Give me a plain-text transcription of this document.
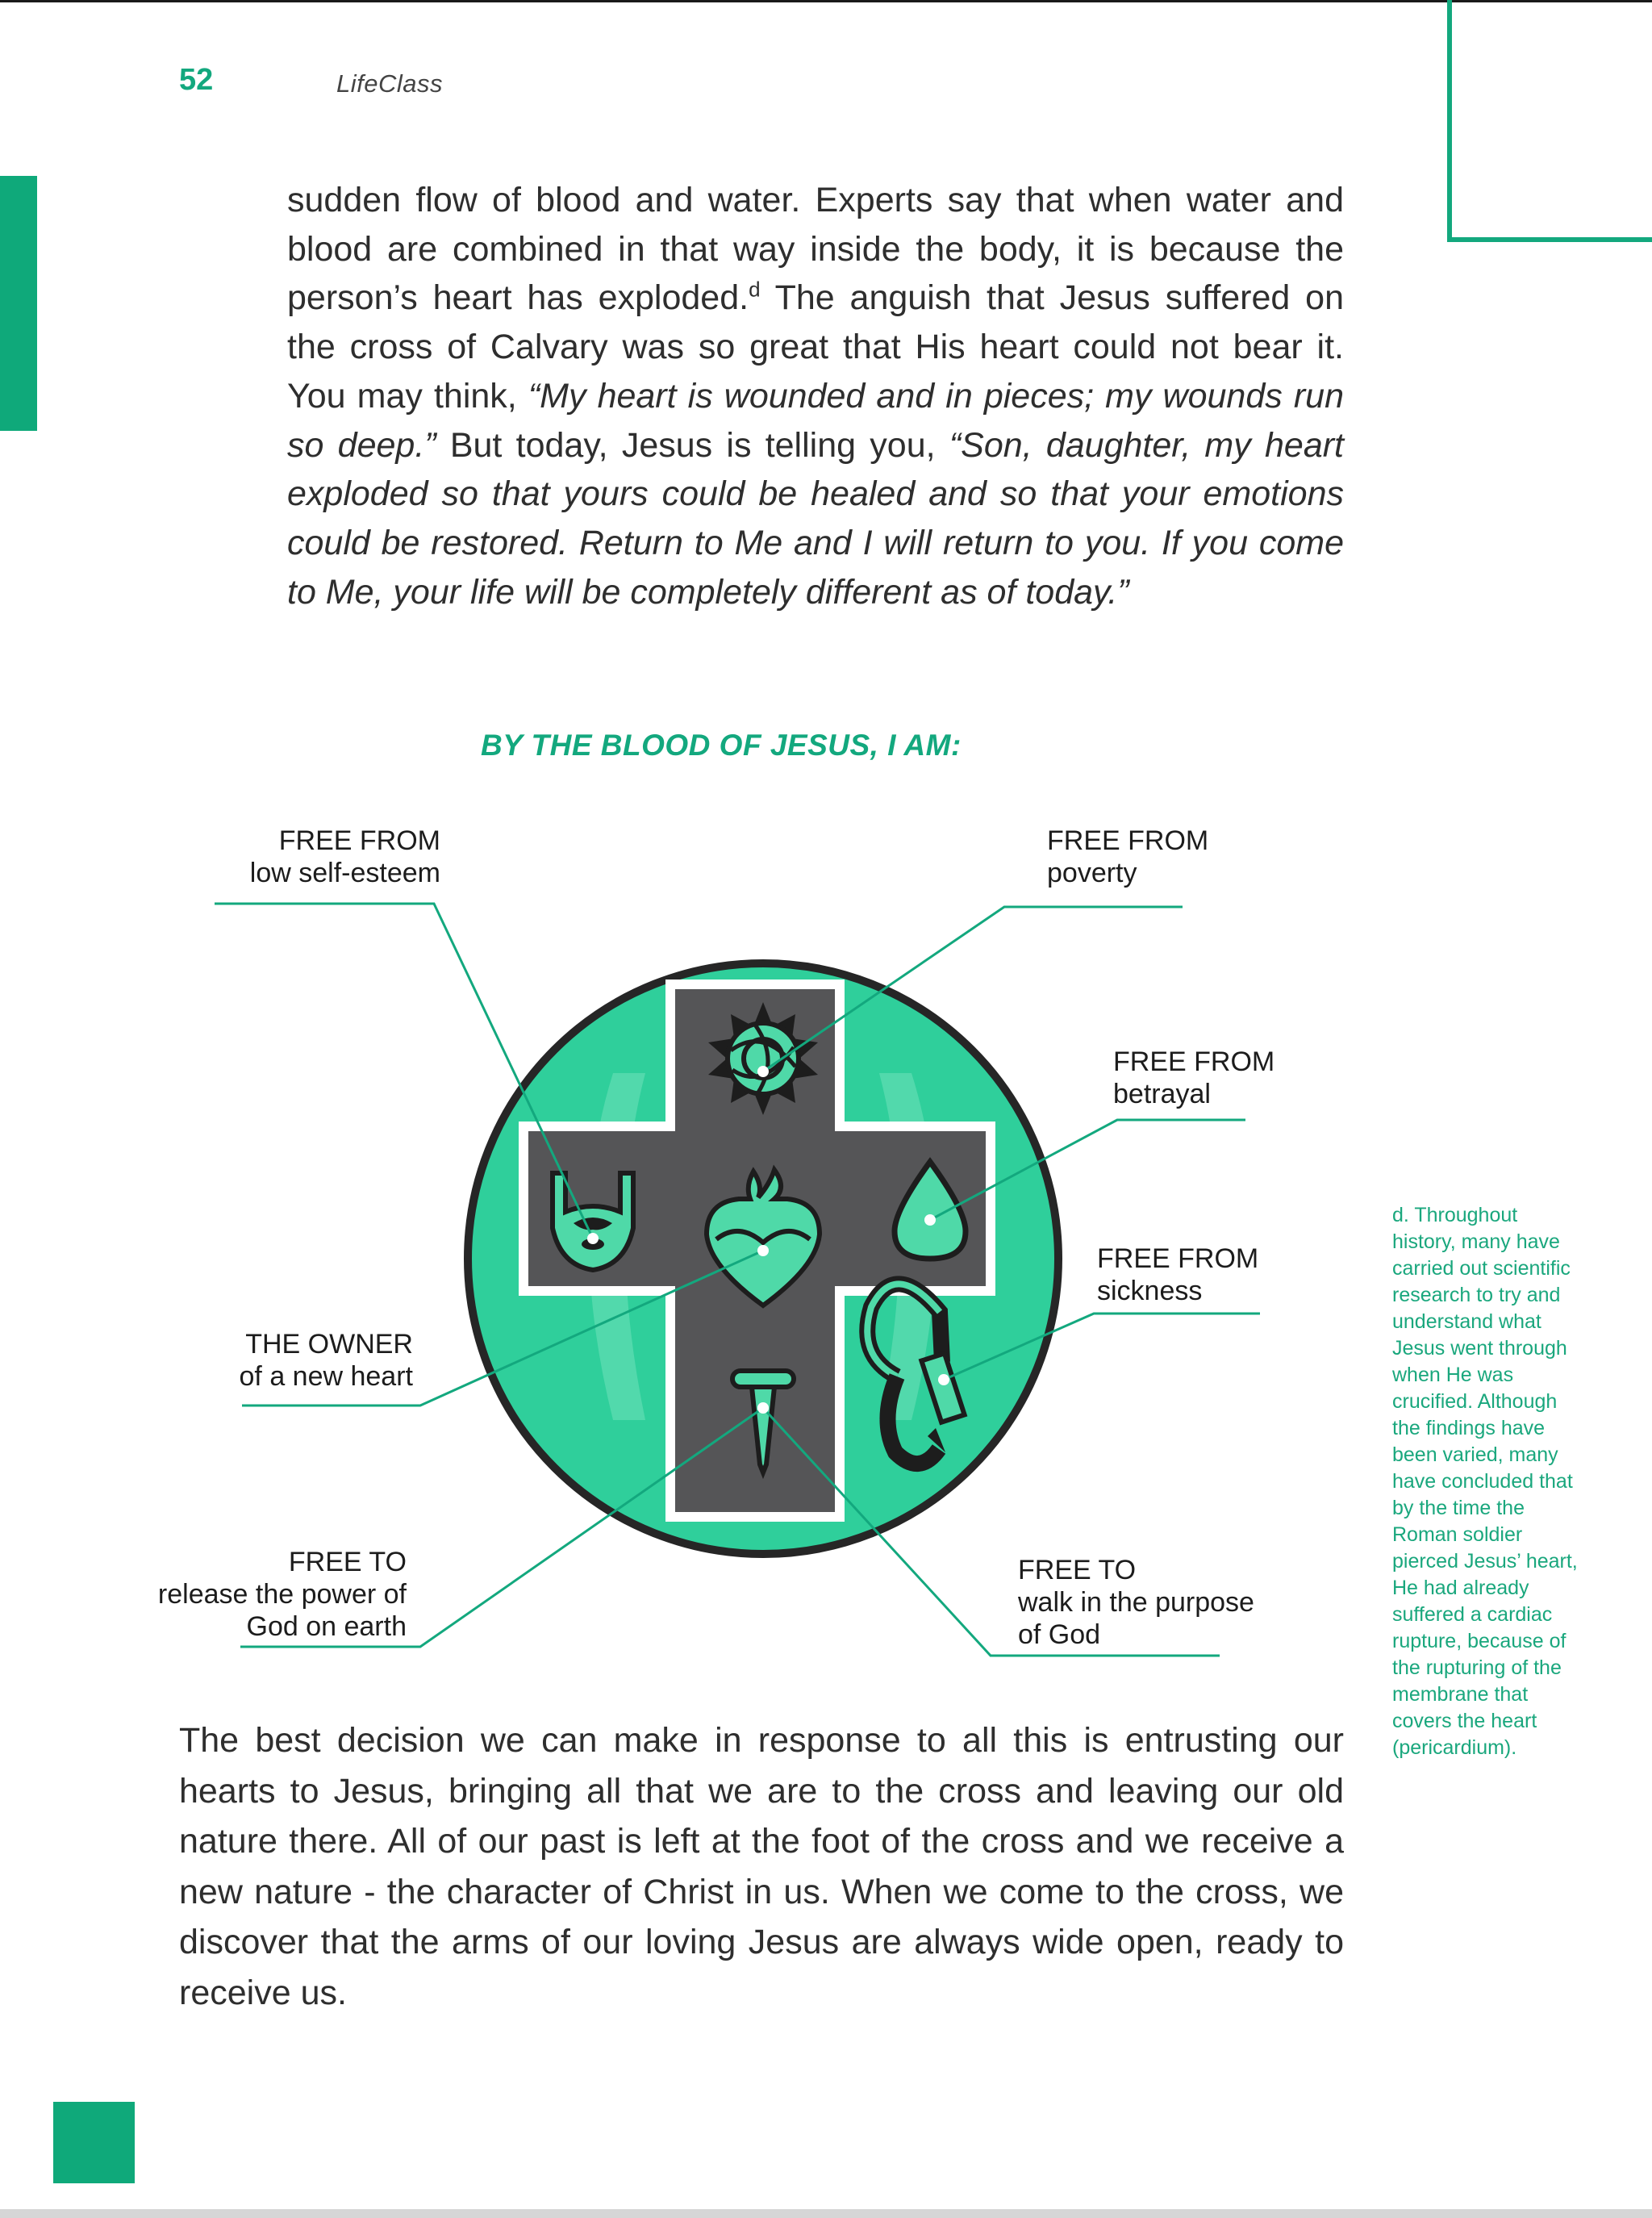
52	LifeClass

sudden flow of blood and water. Experts say that when water and blood are combined in that way inside the body, it is because the person’s heart has exploded.$^d$ The anguish that Jesus suffered on the cross of Calvary was so great that His heart could not bear it. You may think, “My heart is wounded and in pieces; my wounds run so deep.” But today, Jesus is telling you, “Son, daughter, my heart exploded so that yours could be healed and so that your emotions could be restored. Return to Me and I will return to you. If you come to Me, your life will be completely different as of today.”

BY THE BLOOD OF JESUS, I AM:
FREE FROM
low self-esteem
FREE FROM
poverty
FREE FROM
betrayal
FREE FROM
sickness
THE OWNER
of a new heart
FREE TO
release the power of
God on earth
FREE TO
walk in the purpose
of God

The best decision we can make in response to all this is entrusting our hearts to Jesus, bringing all that we are to the cross and leaving our old nature there. All of our past is left at the foot of the cross and we receive a new nature - the character of Christ in us. When we come to the cross, we discover that the arms of our loving Jesus are always wide open, ready to receive us.

d. Throughout history, many have carried out scientific research to try and understand what Jesus went through when He was crucified. Although the findings have been varied, many have concluded that by the time the Roman soldier pierced Jesus’ heart, He had already suffered a cardiac rupture, because of the rupturing of the membrane that covers the heart (pericardium).
